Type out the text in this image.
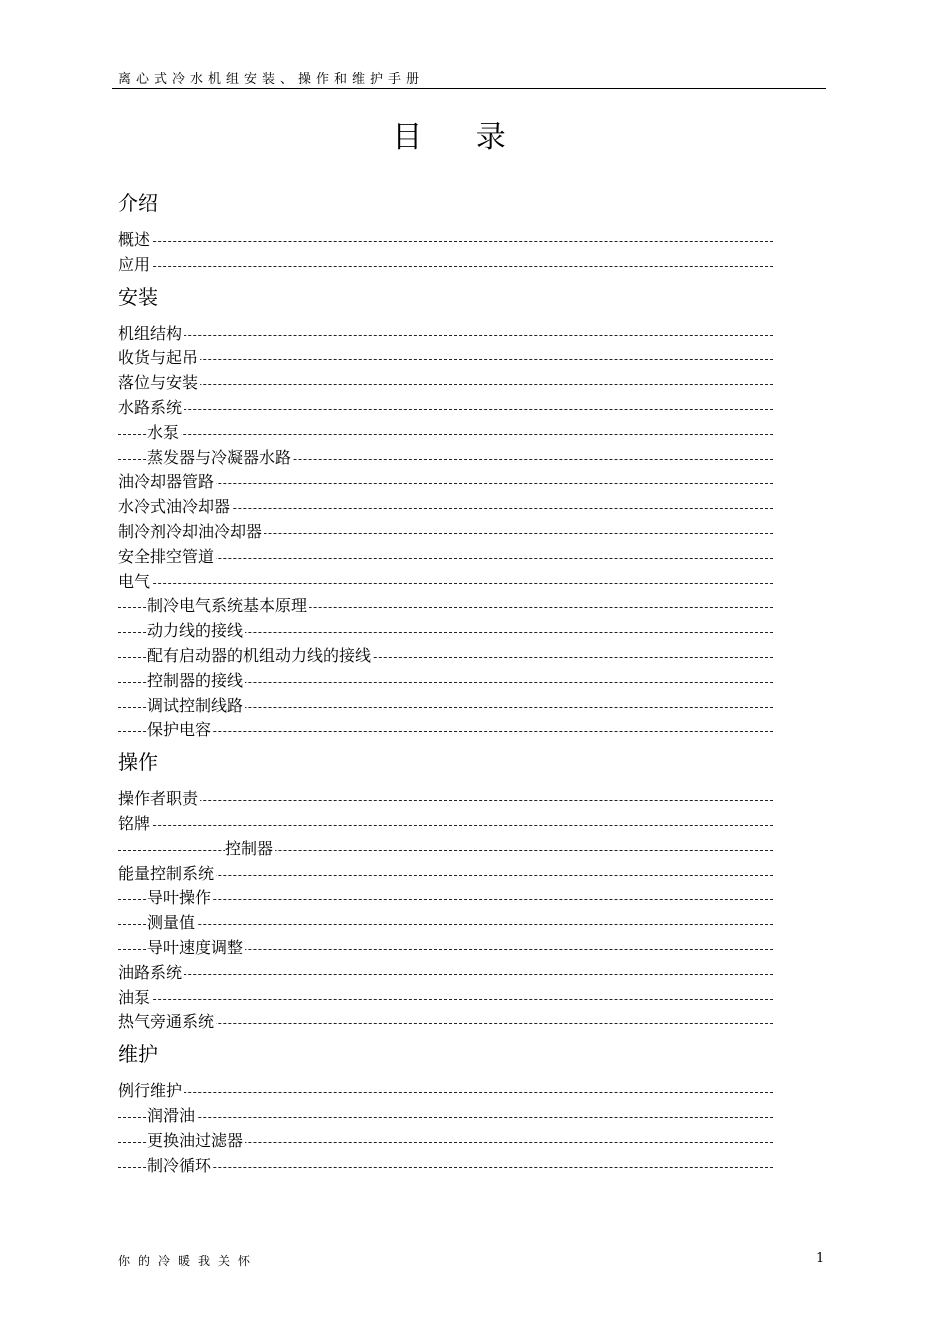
离心式冷水机组安装、操作和维护手册
目 录
介绍
概述
应用
安装
机组结构
收货与起吊
落位与安装
水路系统
水泵
蒸发器与冷凝器水路
油冷却器管路
水冷式油冷却器
制冷剂冷却油冷却器
安全排空管道
电气
制冷电气系统基本原理
动力线的接线
配有启动器的机组动力线的接线
控制器的接线
调试控制线路
保护电容
操作
操作者职责
铭牌
控制器
能量控制系统
导叶操作
测量值
导叶速度调整
油路系统
油泵
热气旁通系统
维护
例行维护
润滑油
更换油过滤器
制冷循环
你的冷暖我关怀	1
